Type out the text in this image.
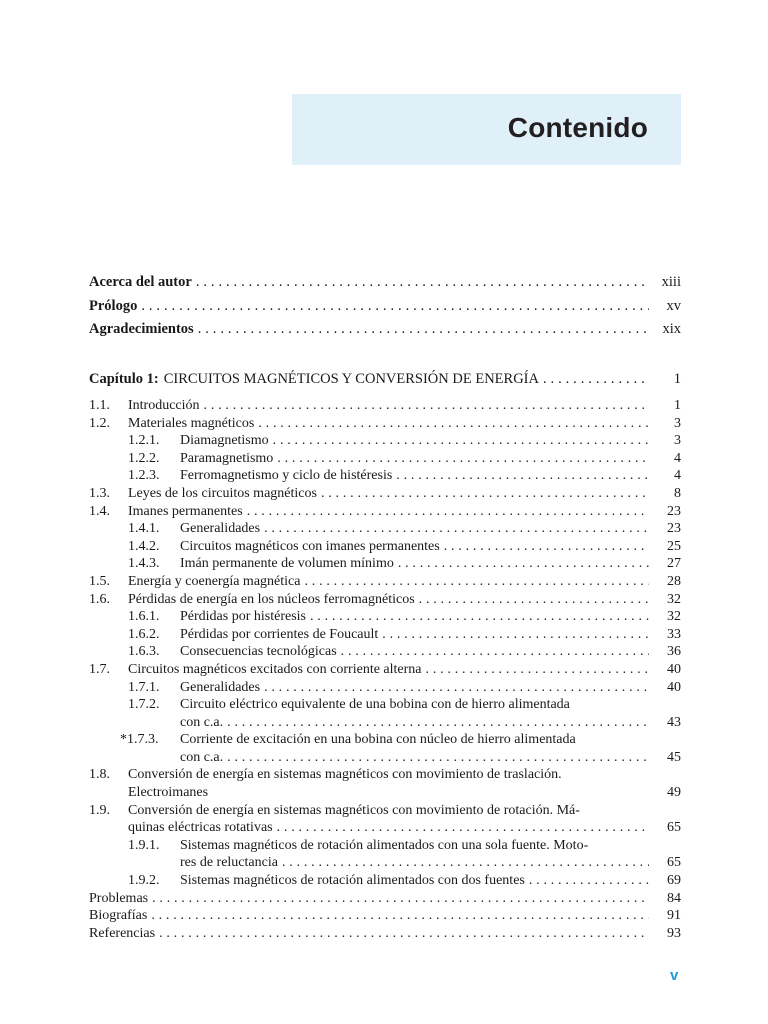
Contenido
Acerca del autor . . .	xiii
Prólogo . . .	xv
Agradecimientos . . .	xix
Capítulo 1: CIRCUITOS MAGNÉTICOS Y CONVERSIÓN DE ENERGÍA . . .	1
1.1.	Introducción . . .	1
1.2.	Materiales magnéticos . . .	3
1.2.1.	Diamagnetismo . . .	3
1.2.2.	Paramagnetismo . . .	4
1.2.3.	Ferromagnetismo y ciclo de histéresis . . .	4
1.3.	Leyes de los circuitos magnéticos . . .	8
1.4.	Imanes permanentes . . .	23
1.4.1.	Generalidades . . .	23
1.4.2.	Circuitos magnéticos con imanes permanentes . . .	25
1.4.3.	Imán permanente de volumen mínimo . . .	27
1.5.	Energía y coenergía magnética . . .	28
1.6.	Pérdidas de energía en los núcleos ferromagnéticos . . .	32
1.6.1.	Pérdidas por histéresis . . .	32
1.6.2.	Pérdidas por corrientes de Foucault . . .	33
1.6.3.	Consecuencias tecnológicas . . .	36
1.7.	Circuitos magnéticos excitados con corriente alterna . . .	40
1.7.1.	Generalidades . . .	40
1.7.2.	Circuito eléctrico equivalente de una bobina con de hierro alimentada
con c.a. . . .	43
*1.7.3.	Corriente de excitación en una bobina con núcleo de hierro alimentada
con c.a. . . .	45
1.8.	Conversión de energía en sistemas magnéticos con movimiento de traslación.
Electroimanes	49
1.9.	Conversión de energía en sistemas magnéticos con movimiento de rotación. Má-
quinas eléctricas rotativas . . .	65
1.9.1.	Sistemas magnéticos de rotación alimentados con una sola fuente. Moto-
res de reluctancia . . .	65
1.9.2.	Sistemas magnéticos de rotación alimentados con dos fuentes . . .	69
Problemas . . .	84
Biografías . . .	91
Referencias . . .	93
v
